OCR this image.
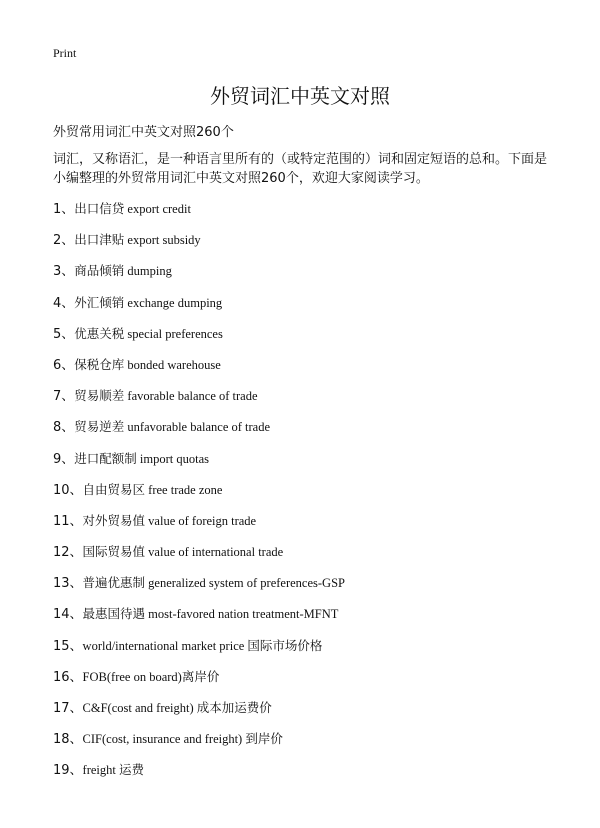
Print
外贸词汇中英文对照
外贸常用词汇中英文对照260个
词汇，又称语汇，是一种语言里所有的（或特定范围的）词和固定短语的总和。下面是小编整理的外贸常用词汇中英文对照260个，欢迎大家阅读学习。
1、出口信贷 export credit
2、出口津贴 export subsidy
3、商品倾销 dumping
4、外汇倾销 exchange dumping
5、优惠关税 special preferences
6、保税仓库 bonded warehouse
7、贸易顺差 favorable balance of trade
8、贸易逆差 unfavorable balance of trade
9、进口配额制 import quotas
10、自由贸易区 free trade zone
11、对外贸易值 value of foreign trade
12、国际贸易值 value of international trade
13、普遍优惠制 generalized system of preferences-GSP
14、最惠国待遇 most-favored nation treatment-MFNT
15、world/international market price 国际市场价格
16、FOB(free on board)离岸价
17、C&F(cost and freight) 成本加运费价
18、CIF(cost, insurance and freight) 到岸价
19、freight 运费
